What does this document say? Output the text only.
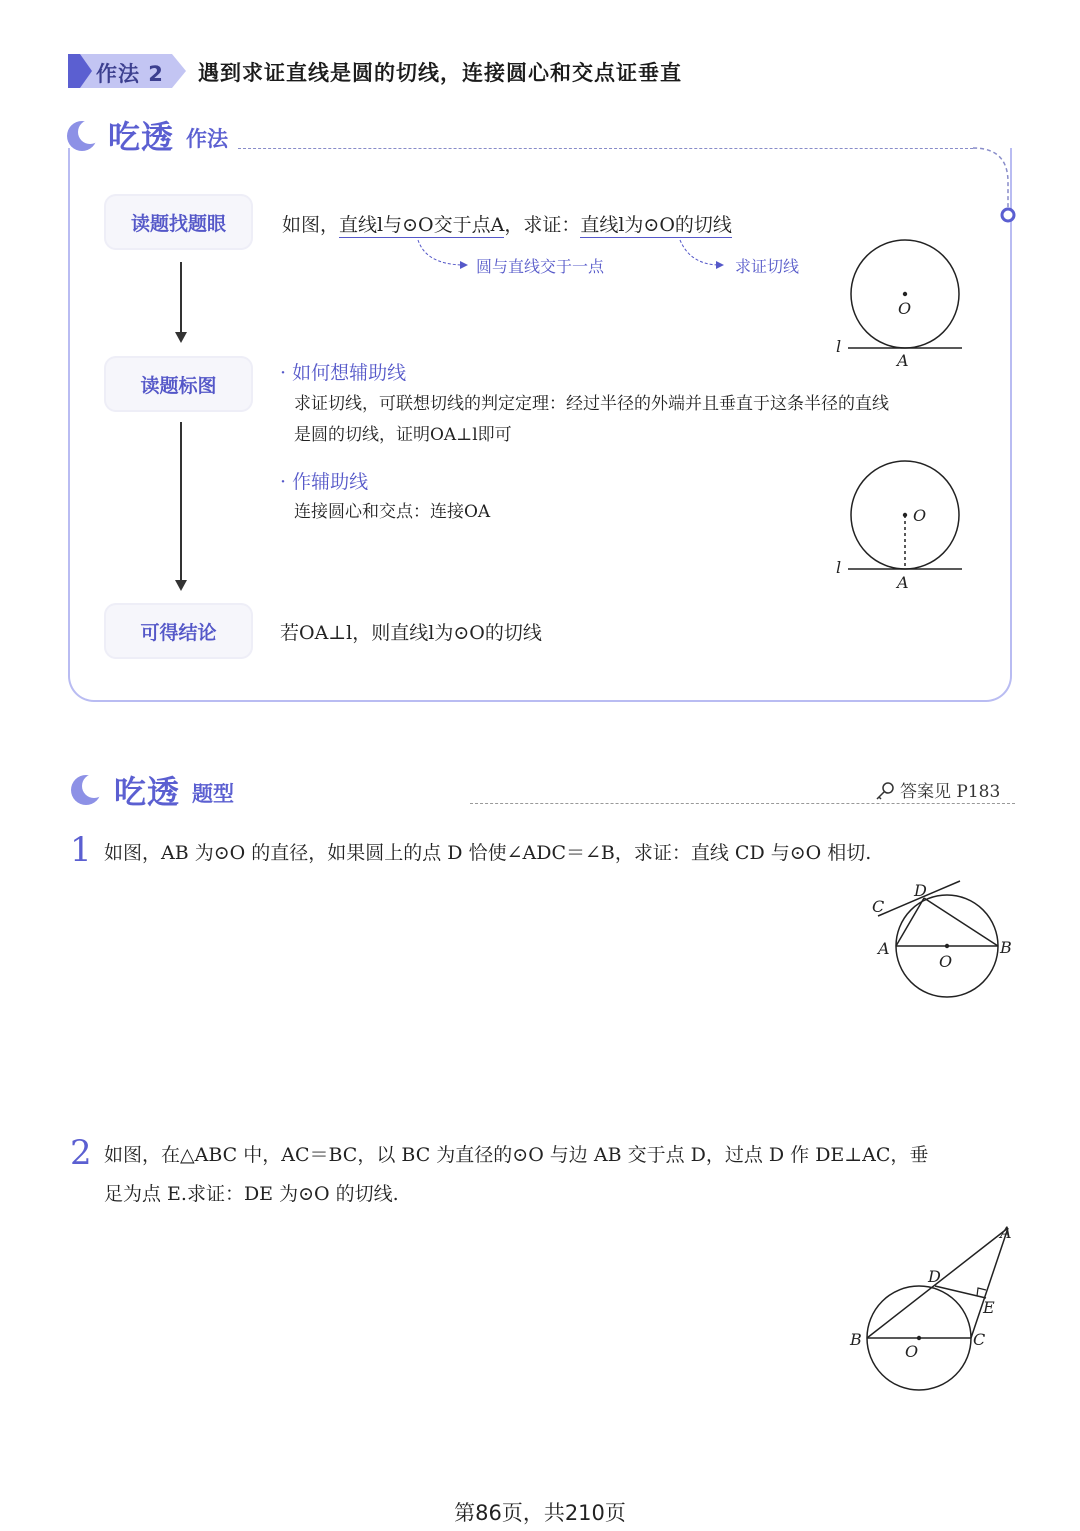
作法 2 遇到求证直线是圆的切线，连接圆心和交点证垂直
吃透 作法
读题找题眼
读题标图
可得结论
如图，直线l与⊙O交于点A，求证：直线l为⊙O的切线
圆与直线交于一点	求证切线
O
A
l
· 如何想辅助线
求证切线，可联想切线的判定定理：经过半径的外端并且垂直于这条半径的直线
是圆的切线，证明OA⊥l即可
· 作辅助线
连接圆心和交点：连接OA	O
A
l
若OA⊥l，则直线l为⊙O的切线
吃透 题型	答案见 P183
1 如图，AB 为⊙O 的直径，如果圆上的点 D 恰使∠ADC＝∠B，求证：直线 CD 与⊙O 相切.
C
D
A	B
O
2 如图，在△ABC 中，AC＝BC，以 BC 为直径的⊙O 与边 AB 交于点 D，过点 D 作 DE⊥AC，垂
足为点 E.求证：DE 为⊙O 的切线.
A
D
E
B	C
O
第86页，共210页
